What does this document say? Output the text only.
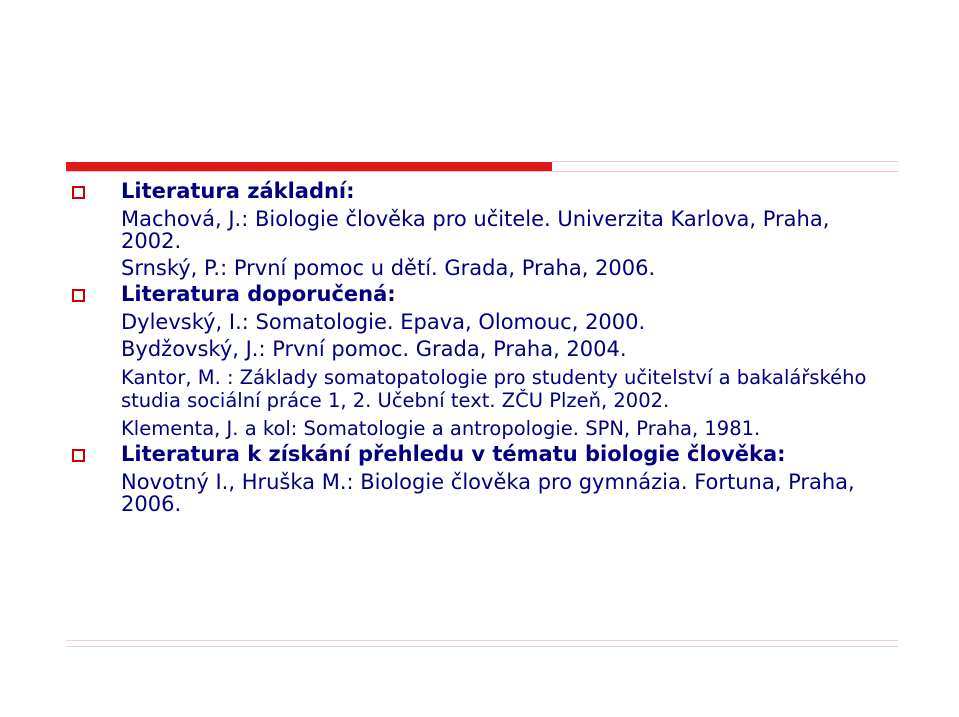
Literatura základní:
Machová, J.: Biologie člověka pro učitele. Univerzita Karlova, Praha, 2002.
Srnský, P.: První pomoc u dětí. Grada, Praha, 2006.
Literatura doporučená:
Dylevský, I.: Somatologie. Epava, Olomouc, 2000.
Bydžovský, J.: První pomoc. Grada, Praha, 2004.
Kantor, M. : Základy somatopatologie pro studenty učitelství a bakalářského studia sociální práce 1, 2. Učební text. ZČU Plzeň, 2002.
Klementa, J. a kol: Somatologie a antropologie. SPN, Praha, 1981.
Literatura k získání přehledu v tématu biologie člověka:
Novotný I., Hruška M.: Biologie člověka pro gymnázia. Fortuna, Praha, 2006.
